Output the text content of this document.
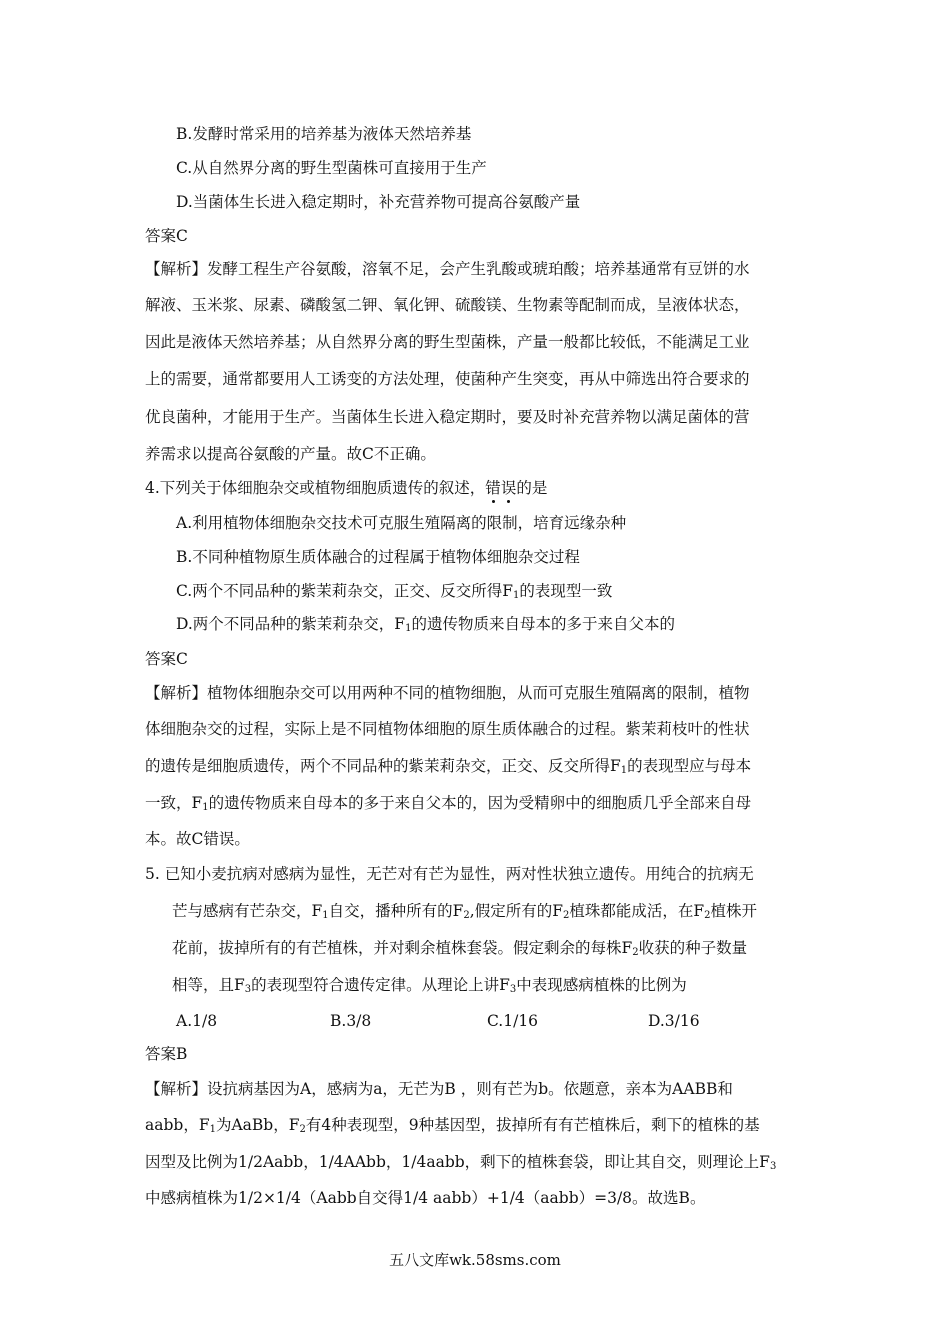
B.发酵时常采用的培养基为液体天然培养基
C.从自然界分离的野生型菌株可直接用于生产
D.当菌体生长进入稳定期时，补充营养物可提高谷氨酸产量
答案C
【解析】发酵工程生产谷氨酸，溶氧不足，会产生乳酸或琥珀酸；培养基通常有豆饼的水
解液、玉米浆、尿素、磷酸氢二钾、氧化钾、硫酸镁、生物素等配制而成，呈液体状态，
因此是液体天然培养基；从自然界分离的野生型菌株，产量一般都比较低，不能满足工业
上的需要，通常都要用人工诱变的方法处理，使菌种产生突变，再从中筛选出符合要求的
优良菌种，才能用于生产。当菌体生长进入稳定期时，要及时补充营养物以满足菌体的营
养需求以提高谷氨酸的产量。故C不正确。
4.下列关于体细胞杂交或植物细胞质遗传的叙述，错误的是
A.利用植物体细胞杂交技术可克服生殖隔离的限制，培育远缘杂种
B.不同种植物原生质体融合的过程属于植物体细胞杂交过程
C.两个不同品种的紫茉莉杂交，正交、反交所得$F_1$的表现型一致
D.两个不同品种的紫茉莉杂交，$F_1$的遗传物质来自母本的多于来自父本的
答案C
【解析】植物体细胞杂交可以用两种不同的植物细胞，从而可克服生殖隔离的限制，植物
体细胞杂交的过程，实际上是不同植物体细胞的原生质体融合的过程。紫茉莉枝叶的性状
的遗传是细胞质遗传，两个不同品种的紫茉莉杂交，正交、反交所得$F_1$的表现型应与母本
一致，$F_1$的遗传物质来自母本的多于来自父本的，因为受精卵中的细胞质几乎全部来自母
本。故C错误。
5. 已知小麦抗病对感病为显性，无芒对有芒为显性，两对性状独立遗传。用纯合的抗病无
芒与感病有芒杂交，$F_1$自交，播种所有的$F_2$,假定所有的$F_2$植珠都能成活，在$F_2$植株开
花前，拔掉所有的有芒植株，并对剩余植株套袋。假定剩余的每株$F_2$收获的种子数量
相等，且$F_3$的表现型符合遗传定律。从理论上讲$F_3$中表现感病植株的比例为
A.1/8	B.3/8	C.1/16	D.3/16
答案B
【解析】设抗病基因为A，感病为a，无芒为B ，则有芒为b。依题意，亲本为AABB和
aabb，$F_1$为AaBb，$F_2$有4种表现型，9种基因型，拔掉所有有芒植株后，剩下的植株的基
因型及比例为1/2Aabb，1/4AAbb，1/4aabb，剩下的植株套袋，即让其自交，则理论上$F_3$
中感病植株为1/2×1/4（Aabb自交得1/4 aabb）+1/4（aabb）=3/8。故选B。
五八文库wk.58sms.com
